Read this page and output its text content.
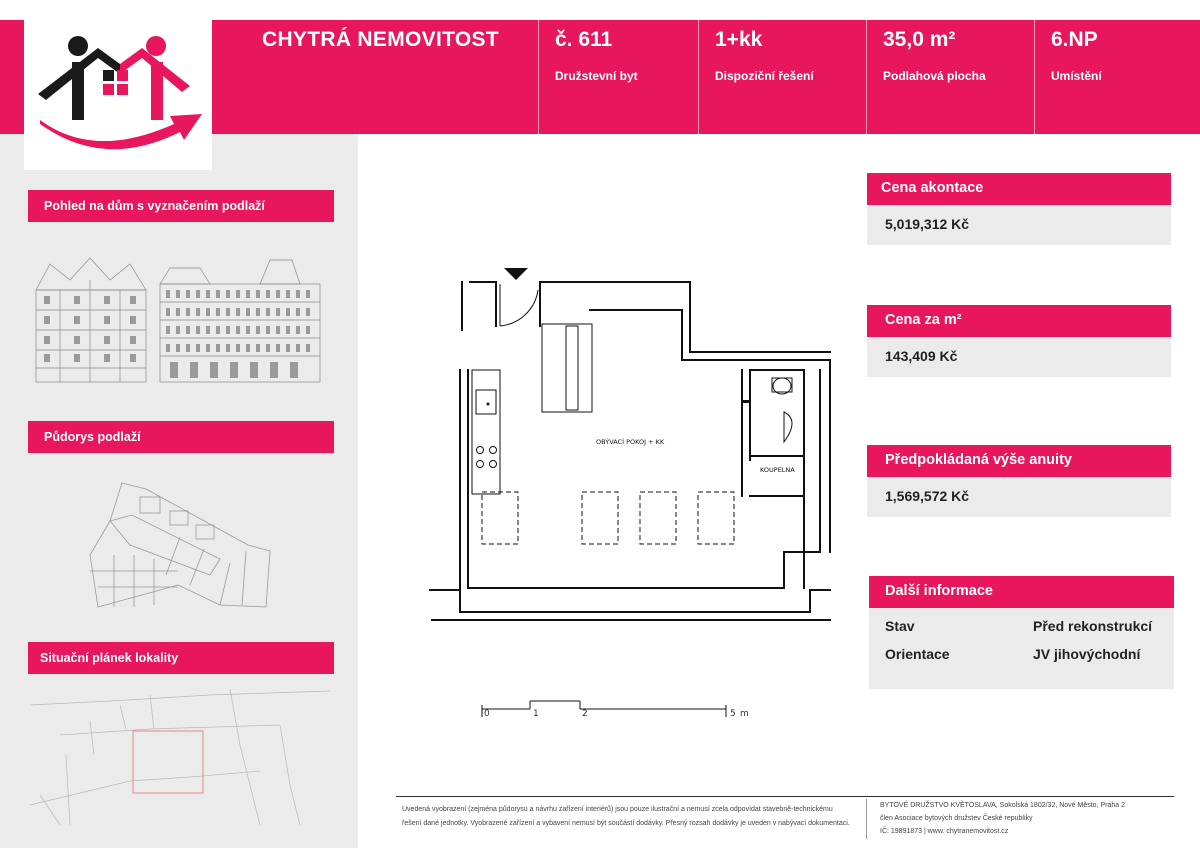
CHYTRÁ NEMOVITOST	č. 611
Družstevní byt
1+kk
Dispoziční řešení
35,0 m²
Podlahová plocha
6.NP
Umístění
Pohled na dům s vyznačením podlaží
Půdorys podlaží
Situační plánek lokality
OBÝVACÍ POKOJ + KK
KOUPELNA
0	1	2	5 m
Cena akontace
5,019,312 Kč
Cena za m²
143,409 Kč
Předpokládaná výše anuity
1,569,572 Kč
Další informace
Stav	Před rekonstrukcí
Orientace	JV jihovýchodní
Uvedená vyobrazení (zejména půdorysu a návrhu zařízení interiérů) jsou pouze ilustrační a nemusí zcela odpovídat stavebně-technickému
řešení dané jednotky. Vyobrazené zařízení a vybavení nemusí být součástí dodávky. Přesný rozsah dodávky je uveden v nabývací dokumentaci.
BYTOVÉ DRUŽSTVO KVĚTOSLAVA, Sokolská 1802/32, Nové Město, Praha 2
člen Asociace bytových družstev České republiky
IČ: 19891873 | www. chytranemovitost.cz
